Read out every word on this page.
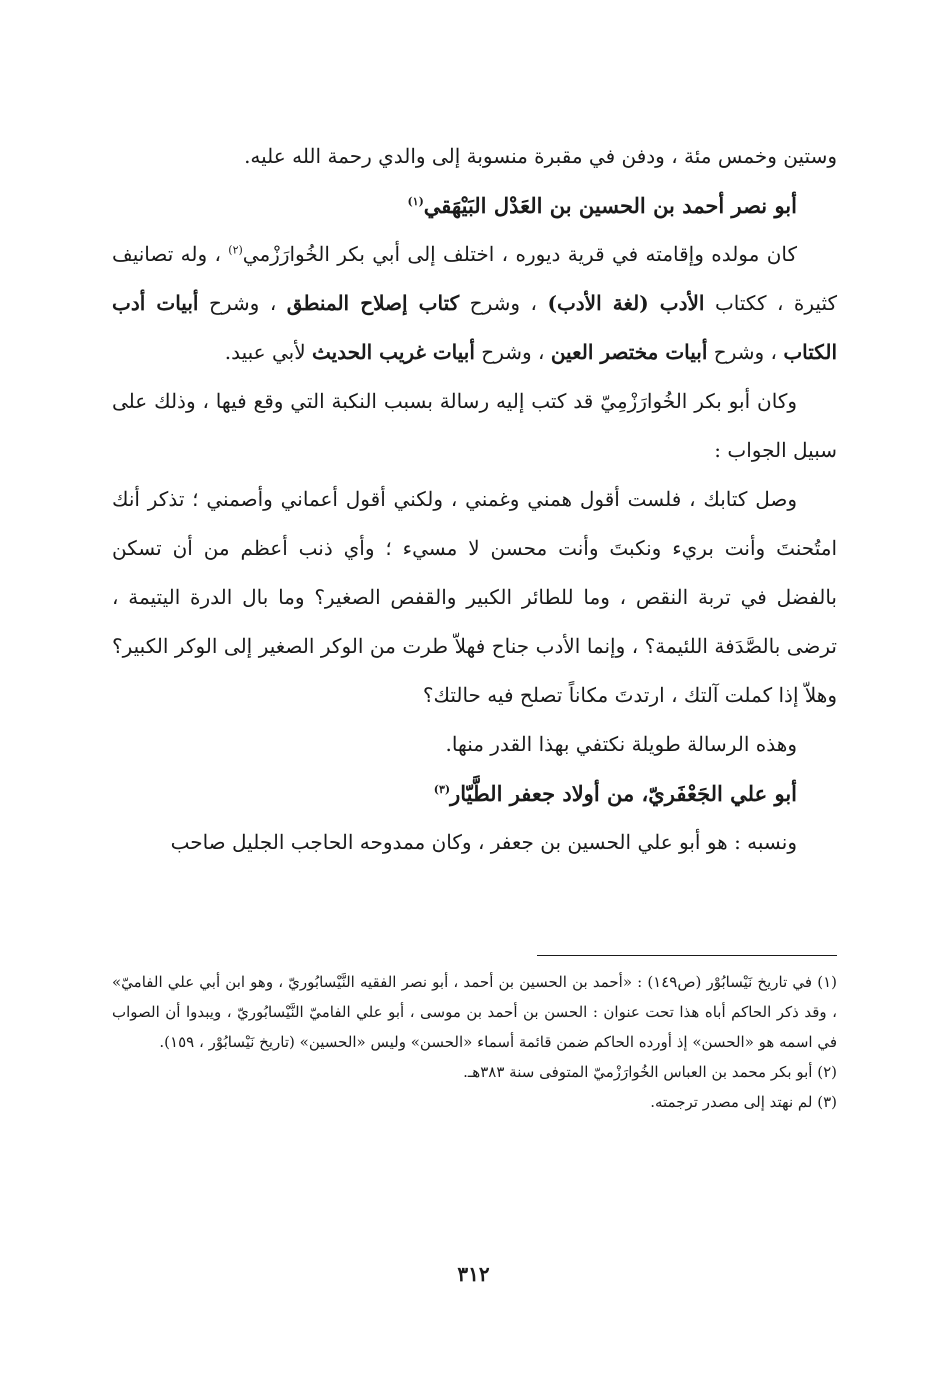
وستين وخمس مئة ، ودفن في مقبرة منسوبة إلى والدي رحمة الله عليه.

أبو نصر أحمد بن الحسين بن العَدْل البَيْهَقي$^{(١)}$

كان مولده وإقامته في قرية ديوره ، اختلف إلى أبي بكر الخُوارَزْمي$^{(٢)}$ ، وله تصانيف كثيرة ، ككتاب الأدب (لغة الأدب) ، وشرح كتاب إصلاح المنطق ، وشرح أبيات أدب الكتاب ، وشرح أبيات مختصر العين ، وشرح أبيات غريب الحديث لأبي عبيد.

وكان أبو بكر الخُوارَزْمِيّ قد كتب إليه رسالة بسبب النكبة التي وقع فيها ، وذلك على سبيل الجواب :

وصل كتابك ، فلست أقول همني وغمني ، ولكني أقول أعماني وأصمني ؛ تذكر أنك امتُحنتَ وأنت بريء ونكبتَ وأنت محسن لا مسيء ؛ وأي ذنب أعظم من أن تسكن بالفضل في تربة النقص ، وما للطائر الكبير والقفص الصغير؟ وما بال الدرة اليتيمة ، ترضى بالصَّدَفة اللئيمة؟ ، وإنما الأدب جناح فهلاّ طرت من الوكر الصغير إلى الوكر الكبير؟ وهلاّ إذا كملت آلتك ، ارتدتَ مكاناً تصلح فيه حالتك؟

وهذه الرسالة طويلة نكتفي بهذا القدر منها.

أبو علي الجَعْفَريّ، من أولاد جعفر الطَّيّار$^{(٣)}$

ونسبه : هو أبو علي الحسين بن جعفر ، وكان ممدوحه الحاجب الجليل صاحب

(١) في تاريخ نَيْسابُوْر (ص١٤٩) : «أحمد بن الحسين بن أحمد ، أبو نصر الفقيه النَّيْسابُوريّ ، وهو ابن أبي علي الفاميّ» ، وقد ذكر الحاكم أباه هذا تحت عنوان : الحسن بن أحمد بن موسى ، أبو علي الفاميّ النَّيْسابُوريّ ، ويبدوا أن الصواب في اسمه هو «الحسن» إذ أورده الحاكم ضمن قائمة أسماء «الحسن» وليس «الحسين» (تاريخ نَيْسابُوْر ، ١٥٩).

(٢) أبو بكر محمد بن العباس الخُوارَزْميّ المتوفى سنة ٣٨٣هـ.

(٣) لم نهتد إلى مصدر ترجمته.

٣١٢
